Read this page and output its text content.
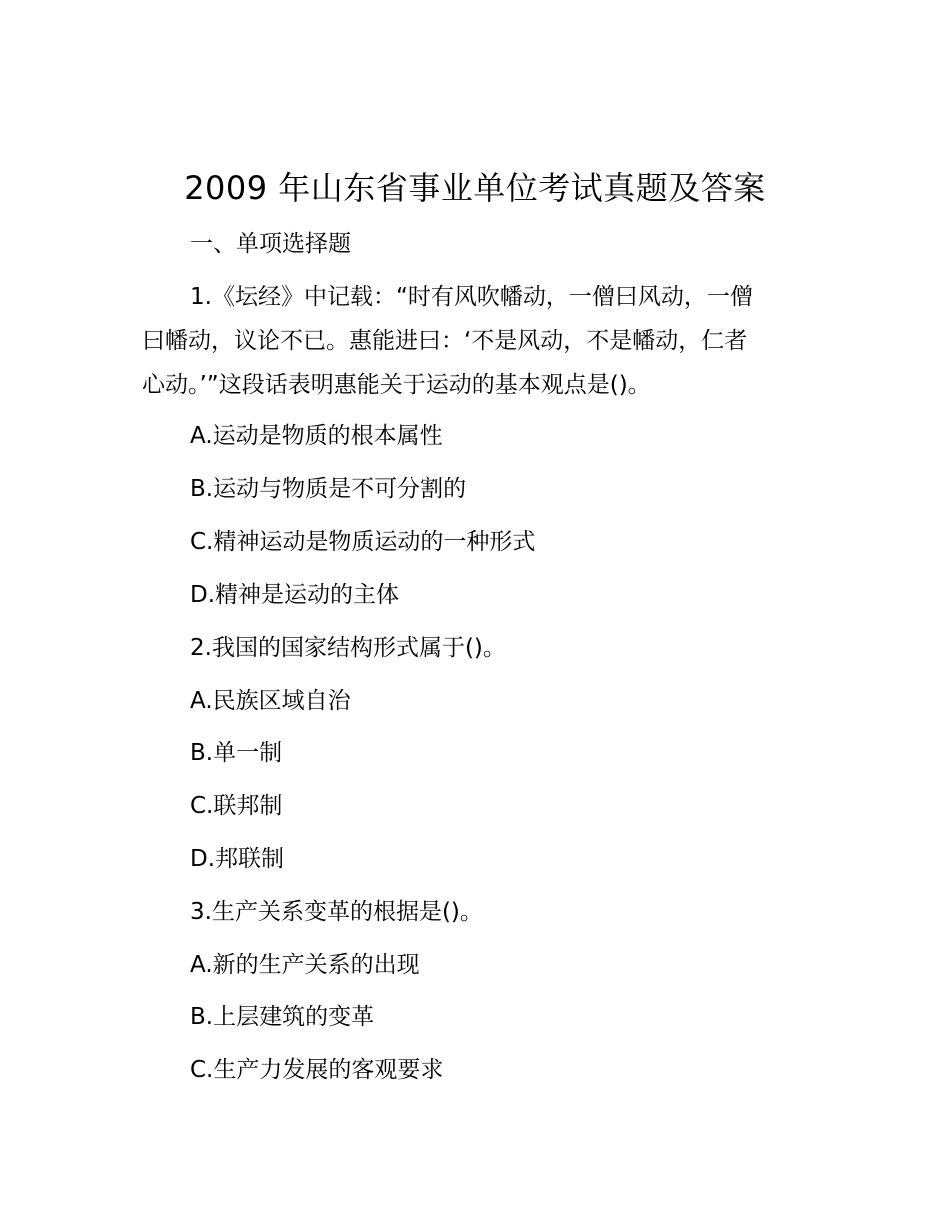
2009 年山东省事业单位考试真题及答案
一、单项选择题
1.《坛经》中记载：“时有风吹幡动，一僧曰风动，一僧
曰幡动，议论不已。惠能进曰：‘不是风动，不是幡动，仁者
心动。’”这段话表明惠能关于运动的基本观点是()。
A.运动是物质的根本属性
B.运动与物质是不可分割的
C.精神运动是物质运动的一种形式
D.精神是运动的主体
2.我国的国家结构形式属于()。
A.民族区域自治
B.单一制
C.联邦制
D.邦联制
3.生产关系变革的根据是()。
A.新的生产关系的出现
B.上层建筑的变革
C.生产力发展的客观要求
